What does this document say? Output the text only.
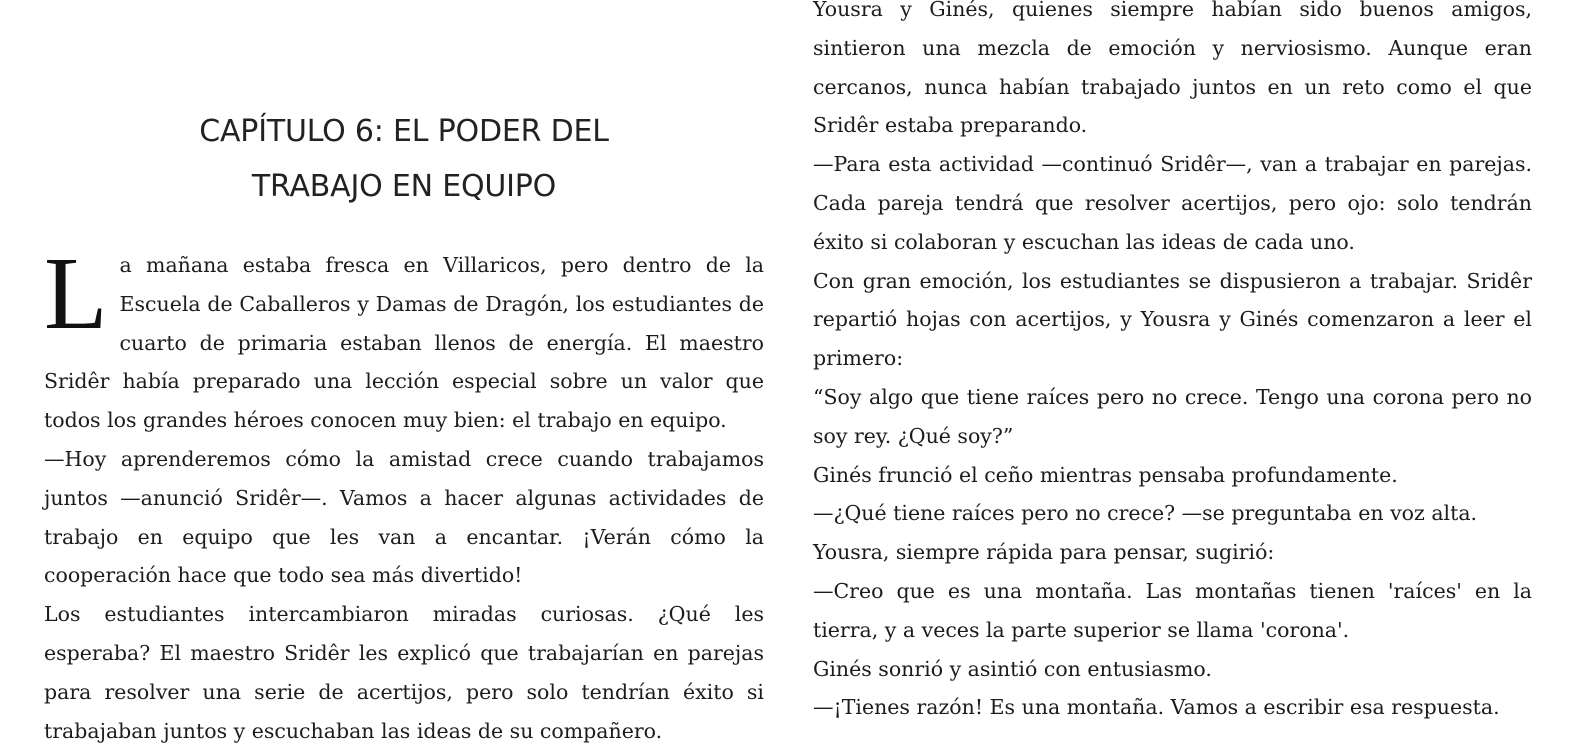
CAPÍTULO 6: EL PODER DEL
TRABAJO EN EQUIPO

L a mañana estaba fresca en Villaricos, pero dentro de la Escuela de Caballeros y Damas de Dragón, los estudiantes de cuarto de primaria estaban llenos de energía. El maestro Sridêr había preparado una lección especial sobre un valor que todos los grandes héroes conocen muy bien: el trabajo en equipo.

—Hoy aprenderemos cómo la amistad crece cuando trabajamos juntos —anunció Sridêr—. Vamos a hacer algunas actividades de trabajo en equipo que les van a encantar. ¡Verán cómo la cooperación hace que todo sea más divertido!

Los estudiantes intercambiaron miradas curiosas. ¿Qué les esperaba? El maestro Sridêr les explicó que trabajarían en parejas para resolver una serie de acertijos, pero solo tendrían éxito si trabajaban juntos y escuchaban las ideas de su compañero.

Yousra y Ginés, quienes siempre habían sido buenos amigos, sintieron una mezcla de emoción y nerviosismo. Aunque eran cercanos, nunca habían trabajado juntos en un reto como el que Sridêr estaba preparando.

—Para esta actividad —continuó Sridêr—, van a trabajar en parejas. Cada pareja tendrá que resolver acertijos, pero ojo: solo tendrán éxito si colaboran y escuchan las ideas de cada uno.

Con gran emoción, los estudiantes se dispusieron a trabajar. Sridêr repartió hojas con acertijos, y Yousra y Ginés comenzaron a leer el primero:

“Soy algo que tiene raíces pero no crece. Tengo una corona pero no soy rey. ¿Qué soy?”

Ginés frunció el ceño mientras pensaba profundamente.

—¿Qué tiene raíces pero no crece? —se preguntaba en voz alta.

Yousra, siempre rápida para pensar, sugirió:

—Creo que es una montaña. Las montañas tienen 'raíces' en la tierra, y a veces la parte superior se llama 'corona'.

Ginés sonrió y asintió con entusiasmo.

—¡Tienes razón! Es una montaña. Vamos a escribir esa respuesta.
